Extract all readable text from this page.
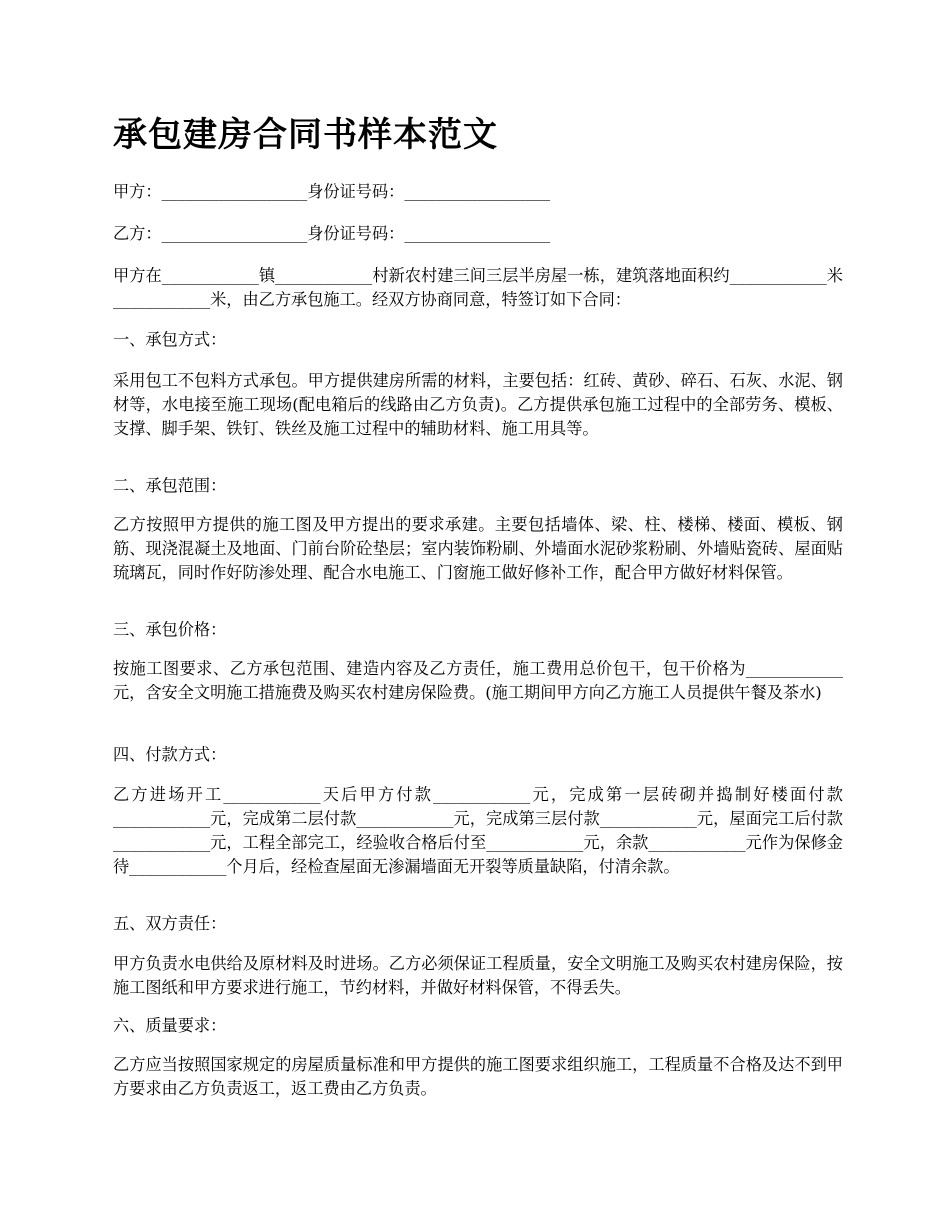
承包建房合同书样本范文

甲方：__________________身份证号码：__________________

乙方：__________________身份证号码：__________________

甲方在____________镇____________村新农村建三间三层半房屋一栋，建筑落地面积约____________米____________米，由乙方承包施工。经双方协商同意，特签订如下合同：

一、承包方式：

采用包工不包料方式承包。甲方提供建房所需的材料，主要包括：红砖、黄砂、碎石、石灰、水泥、钢材等，水电接至施工现场(配电箱后的线路由乙方负责)。乙方提供承包施工过程中的全部劳务、模板、支撑、脚手架、铁钉、铁丝及施工过程中的辅助材料、施工用具等。

二、承包范围：

乙方按照甲方提供的施工图及甲方提出的要求承建。主要包括墙体、梁、柱、楼梯、楼面、模板、钢筋、现浇混凝土及地面、门前台阶砼垫层；室内装饰粉刷、外墙面水泥砂浆粉刷、外墙贴瓷砖、屋面贴琉璃瓦，同时作好防渗处理、配合水电施工、门窗施工做好修补工作，配合甲方做好材料保管。

三、承包价格：

按施工图要求、乙方承包范围、建造内容及乙方责任，施工费用总价包干，包干价格为____________元，含安全文明施工措施费及购买农村建房保险费。(施工期间甲方向乙方施工人员提供午餐及茶水)

四、付款方式：

乙方进场开工____________天后甲方付款____________元，完成第一层砖砌并捣制好楼面付款____________元，完成第二层付款____________元，完成第三层付款____________元，屋面完工后付款____________元，工程全部完工，经验收合格后付至____________元，余款____________元作为保修金待____________个月后，经检查屋面无渗漏墙面无开裂等质量缺陷，付清余款。

五、双方责任：

甲方负责水电供给及原材料及时进场。乙方必须保证工程质量，安全文明施工及购买农村建房保险，按施工图纸和甲方要求进行施工，节约材料，并做好材料保管，不得丢失。

六、质量要求：

乙方应当按照国家规定的房屋质量标准和甲方提供的施工图要求组织施工，工程质量不合格及达不到甲方要求由乙方负责返工，返工费由乙方负责。
